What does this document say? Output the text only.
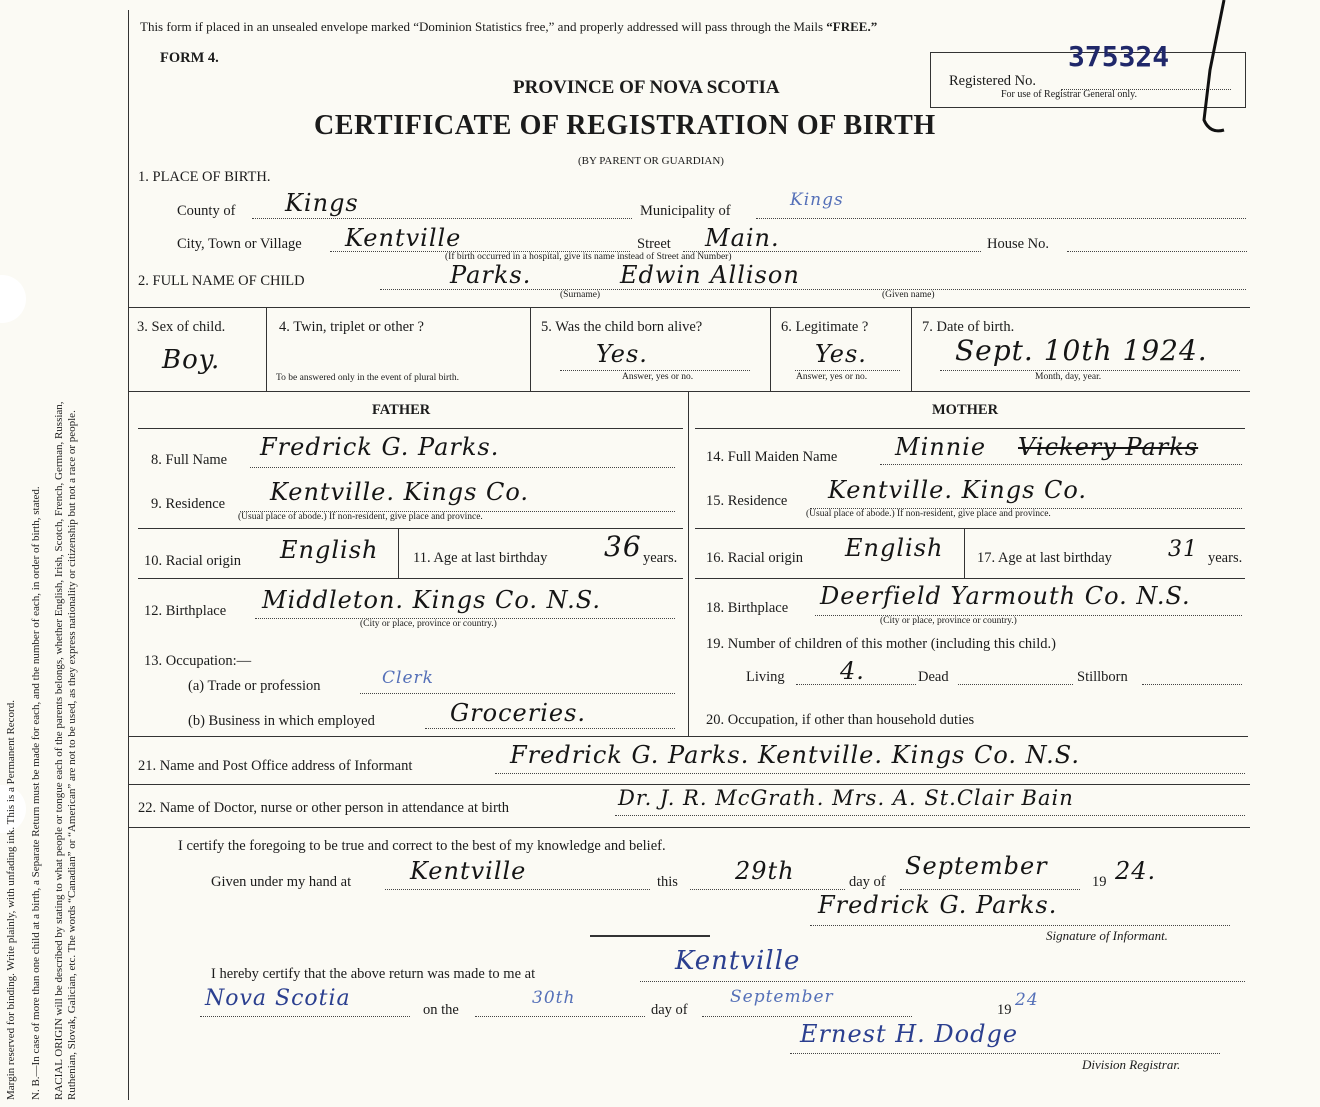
Margin reserved for binding. Write plainly, with unfading ink. This is a Permanent Record. N. B.—In case of more than one child at a birth, a Separate Return must be made for each, and the number of each, in order of birth, stated. RACIAL ORIGIN will be described by stating to what people or tongue each of the parents belongs, whether English, Irish, Scotch, French, German, Russian, Ruthenian, Slovak, Galician, etc. The words “Canadian” or “American” are not to be used, as they express nationality or citizenship but not a race or people.
This form if placed in an unsealed envelope marked “Dominion Statistics free,” and properly addressed will pass through the Mails “FREE.”
FORM 4.
PROVINCE OF NOVA SCOTIA
CERTIFICATE OF REGISTRATION OF BIRTH
(BY PARENT OR GUARDIAN)
Registered No.
For use of Registrar General only.
375324
1. PLACE OF BIRTH.
County of Kings	Municipality of
Kings
City, Town or Village Kentville	Street Main.	House No.
(If birth occurred in a hospital, give its name instead of Street and Number)
2. FULL NAME OF CHILD	Parks.	Edwin Allison
(Surname)	(Given name)
3. Sex of child.
Boy.
4. Twin, triplet or other ?
To be answered only in the event of plural birth.
5. Was the child born alive?
Yes.
Answer, yes or no.
6. Legitimate ?
Yes.
Answer, yes or no.
7. Date of birth.
Sept. 10th 1924.
Month, day, year.
FATHER	MOTHER
8. Full Name Fredrick G. Parks.
9. Residence Kentville. Kings Co.
(Usual place of abode.) If non-resident, give place and province.
10. Racial origin English 11. Age at last birthday 36 years.
12. Birthplace Middleton. Kings Co. N.S.
(City or place, province or country.)
13. Occupation:—
(a) Trade or profession	Clerk
(b) Business in which employed	Groceries.
14. Full Maiden Name Minnie Vickery Parks
15. Residence Kentville. Kings Co.
(Usual place of abode.) If non-resident, give place and province.
16. Racial origin English 17. Age at last birthday	31 years.
18. Birthplace Deerfield Yarmouth Co. N.S.
(City or place, province or country.)
19. Number of children of this mother (including this child.)
Living 4.	Dead	Stillborn
20. Occupation, if other than household duties
21. Name and Post Office address of Informant	Fredrick G. Parks. Kentville. Kings Co. N.S.
22. Name of Doctor, nurse or other person in attendance at birth	Dr. J. R. McGrath. Mrs. A. St.Clair Bain
I certify the foregoing to be true and correct to the best of my knowledge and belief.
Given under my hand at Kentville	this 29th	day of
September
19 24.
Fredrick G. Parks.
Signature of Informant.
I hereby certify that the above return was made to me at	Kentville
Nova Scotia	on the
30th
day of
September
19 24
Ernest H. Dodge
Division Registrar.
